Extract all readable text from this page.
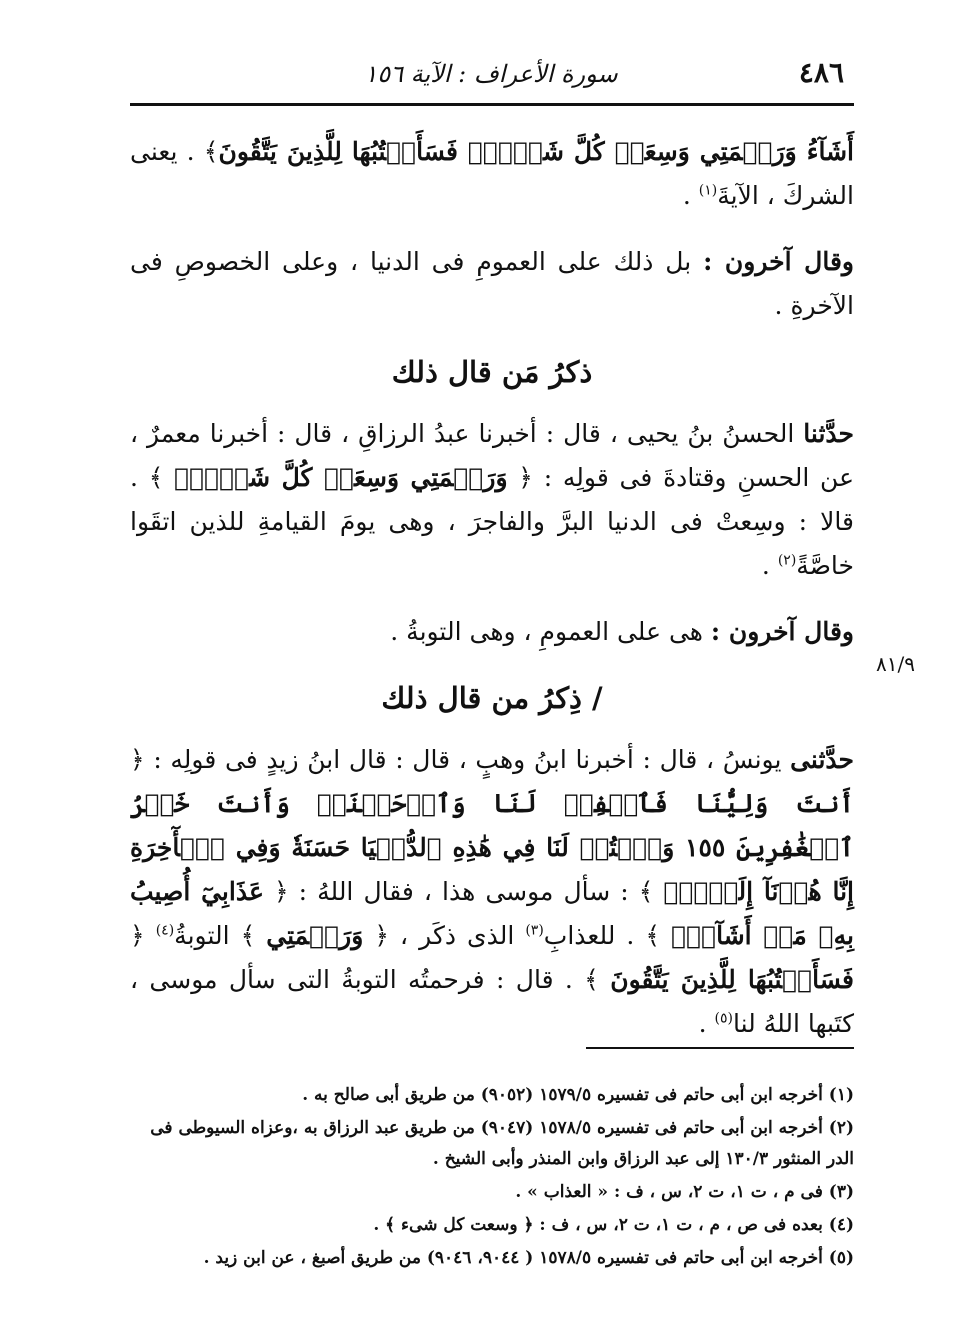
٤٨٦
سورة الأعراف : الآية ١٥٦
٨١/٩

أَشَآءُ وَرَحۡمَتِي وَسِعَتۡ كُلَّ شَيۡءٖۚ فَسَأَكۡتُبُهَا لِلَّذِينَ يَتَّقُونَ﴾ . يعنى الشركَ ، الآيةَ$^{(١)}$ .

وقال آخرون : بل ذلك على العمومِ فى الدنيا ، وعلى الخصوصِ فى الآخرةِ .

ذكرُ مَن قال ذلك

حدَّثنا الحسنُ بنُ يحيى ، قال : أخبرنا عبدُ الرزاقِ ، قال : أخبرنا معمرٌ ، عن الحسنِ وقتادةَ فى قولِه : ﴿ وَرَحۡمَتِي وَسِعَتۡ كُلَّ شَيۡءٖۚ ﴾ . قالا : وسِعتْ فى الدنيا البرَّ والفاجرَ ، وهى يومَ القيامةِ للذين اتقَوا خاصَّةً$^{(٢)}$ .

وقال آخرون : هى على العمومِ ، وهى التوبةُ .

/ ذِكرُ من قال ذلك

حدَّثنى يونسُ ، قال : أخبرنا ابنُ وهبٍ ، قال : قال ابنُ زيدٍ فى قولِه : ﴿ أَنتَ وَلِيُّنَا فَٱغۡفِرۡ لَنَا وَٱرۡحَمۡنَاۖ وَأَنتَ خَيۡرُ ٱلۡغَٰفِرِينَ ١٥٥ وَٱكۡتُبۡ لَنَا فِي هَٰذِهِ ٱلدُّنۡيَا حَسَنَةٗ وَفِي ٱلۡأٓخِرَةِ إِنَّا هُدۡنَآ إِلَيۡكَۚ ﴾ : سأل موسى هذا ، فقال اللهُ : ﴿ عَذَابِيٓ أُصِيبُ بِهِۦ مَنۡ أَشَآءُۖ ﴾ . للعذابِ$^{(٣)}$ الذى ذكَر ، ﴿ وَرَحۡمَتِي ﴾ التوبةُ$^{(٤)}$ ﴿ فَسَأَكۡتُبُهَا لِلَّذِينَ يَتَّقُونَ ﴾ . قال : فرحمتُه التوبةُ التى سأل موسى ، كتَبها اللهُ لنا$^{(٥)}$ .

(١) أخرجه ابن أبى حاتم فى تفسيره ١٥٧٩/٥ (٩٠٥٢) من طريق أبى صالح به .

(٢) أخرجه ابن أبى حاتم فى تفسيره ١٥٧٨/٥ (٩٠٤٧) من طريق عبد الرزاق به ،وعزاه السيوطى فى الدر المنثور ١٣٠/٣ إلى عبد الرزاق وابن المنذر وأبى الشيخ .

(٣) فى م ، ت ١، ت ٢، س ، ف : « العذاب » .

(٤) بعده فى ص ، م ، ت ١، ت ٢، س ، ف : ﴿ وسعت كل شىء ﴾ .

(٥) أخرجه ابن أبى حاتم فى تفسيره ١٥٧٨/٥ ( ٩٠٤٤، ٩٠٤٦) من طريق أصبغ ، عن ابن زيد .
